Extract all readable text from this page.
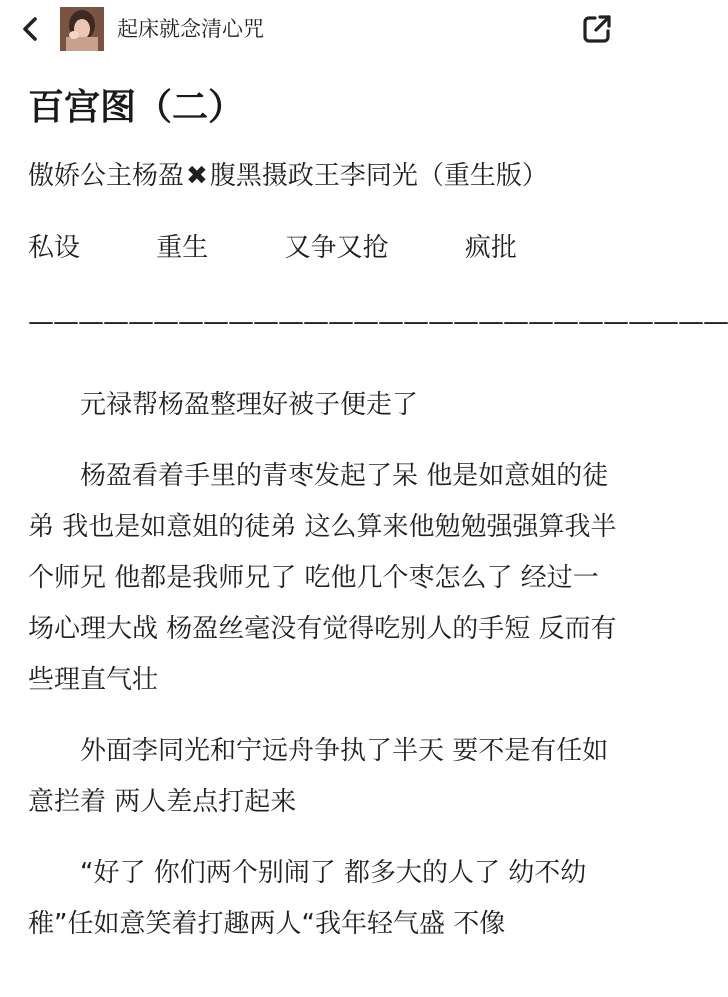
起床就念清心咒
百宫图（二）
傲娇公主杨盈✖腹黑摄政王李同光（重生版）
私设	重生	又争又抢	疯批
————————————————————————————

元禄帮杨盈整理好被子便走了

杨盈看着手里的青枣发起了呆 他是如意姐的徒弟 我也是如意姐的徒弟 这么算来他勉勉强强算我半个师兄 他都是我师兄了 吃他几个枣怎么了 经过一场心理大战 杨盈丝毫没有觉得吃别人的手短 反而有些理直气壮

外面李同光和宁远舟争执了半天 要不是有任如意拦着 两人差点打起来

“好了 你们两个别闹了 都多大的人了 幼不幼稚”任如意笑着打趣两人“我年轻气盛 不像
